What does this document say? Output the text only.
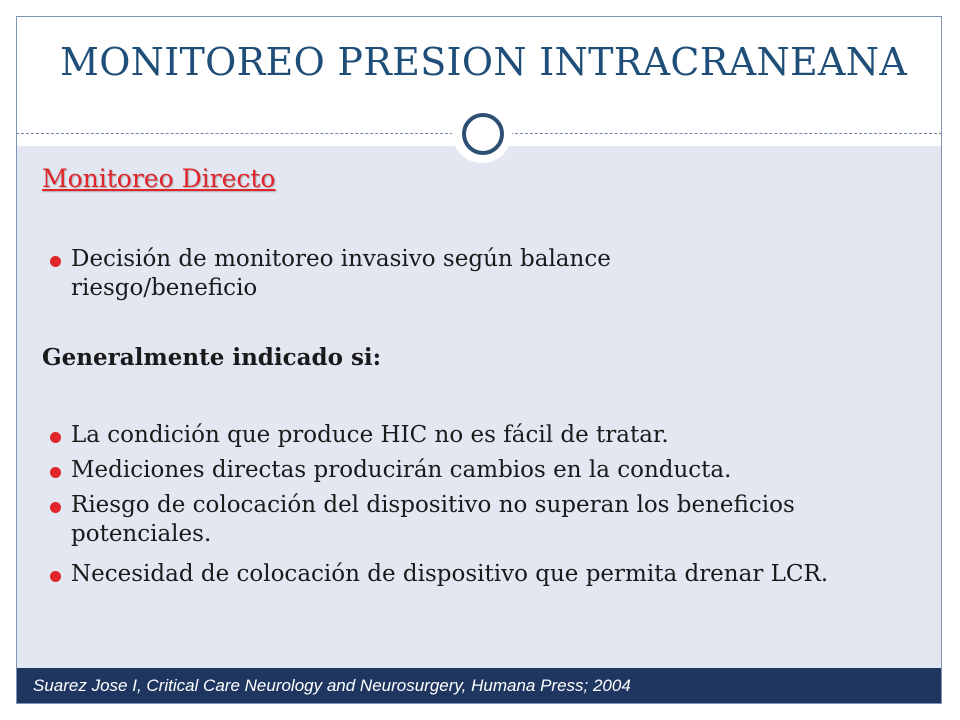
MONITOREO PRESION INTRACRANEANA
Monitoreo Directo
Decisión de monitoreo invasivo según balance riesgo/beneficio
Generalmente indicado si:
La condición que produce HIC no es fácil de tratar.
Mediciones directas producirán cambios en la conducta.
Riesgo de colocación del dispositivo no superan los beneficios potenciales.
Necesidad de colocación de dispositivo que permita drenar LCR.
Suarez Jose I, Critical Care Neurology and Neurosurgery, Humana Press; 2004
